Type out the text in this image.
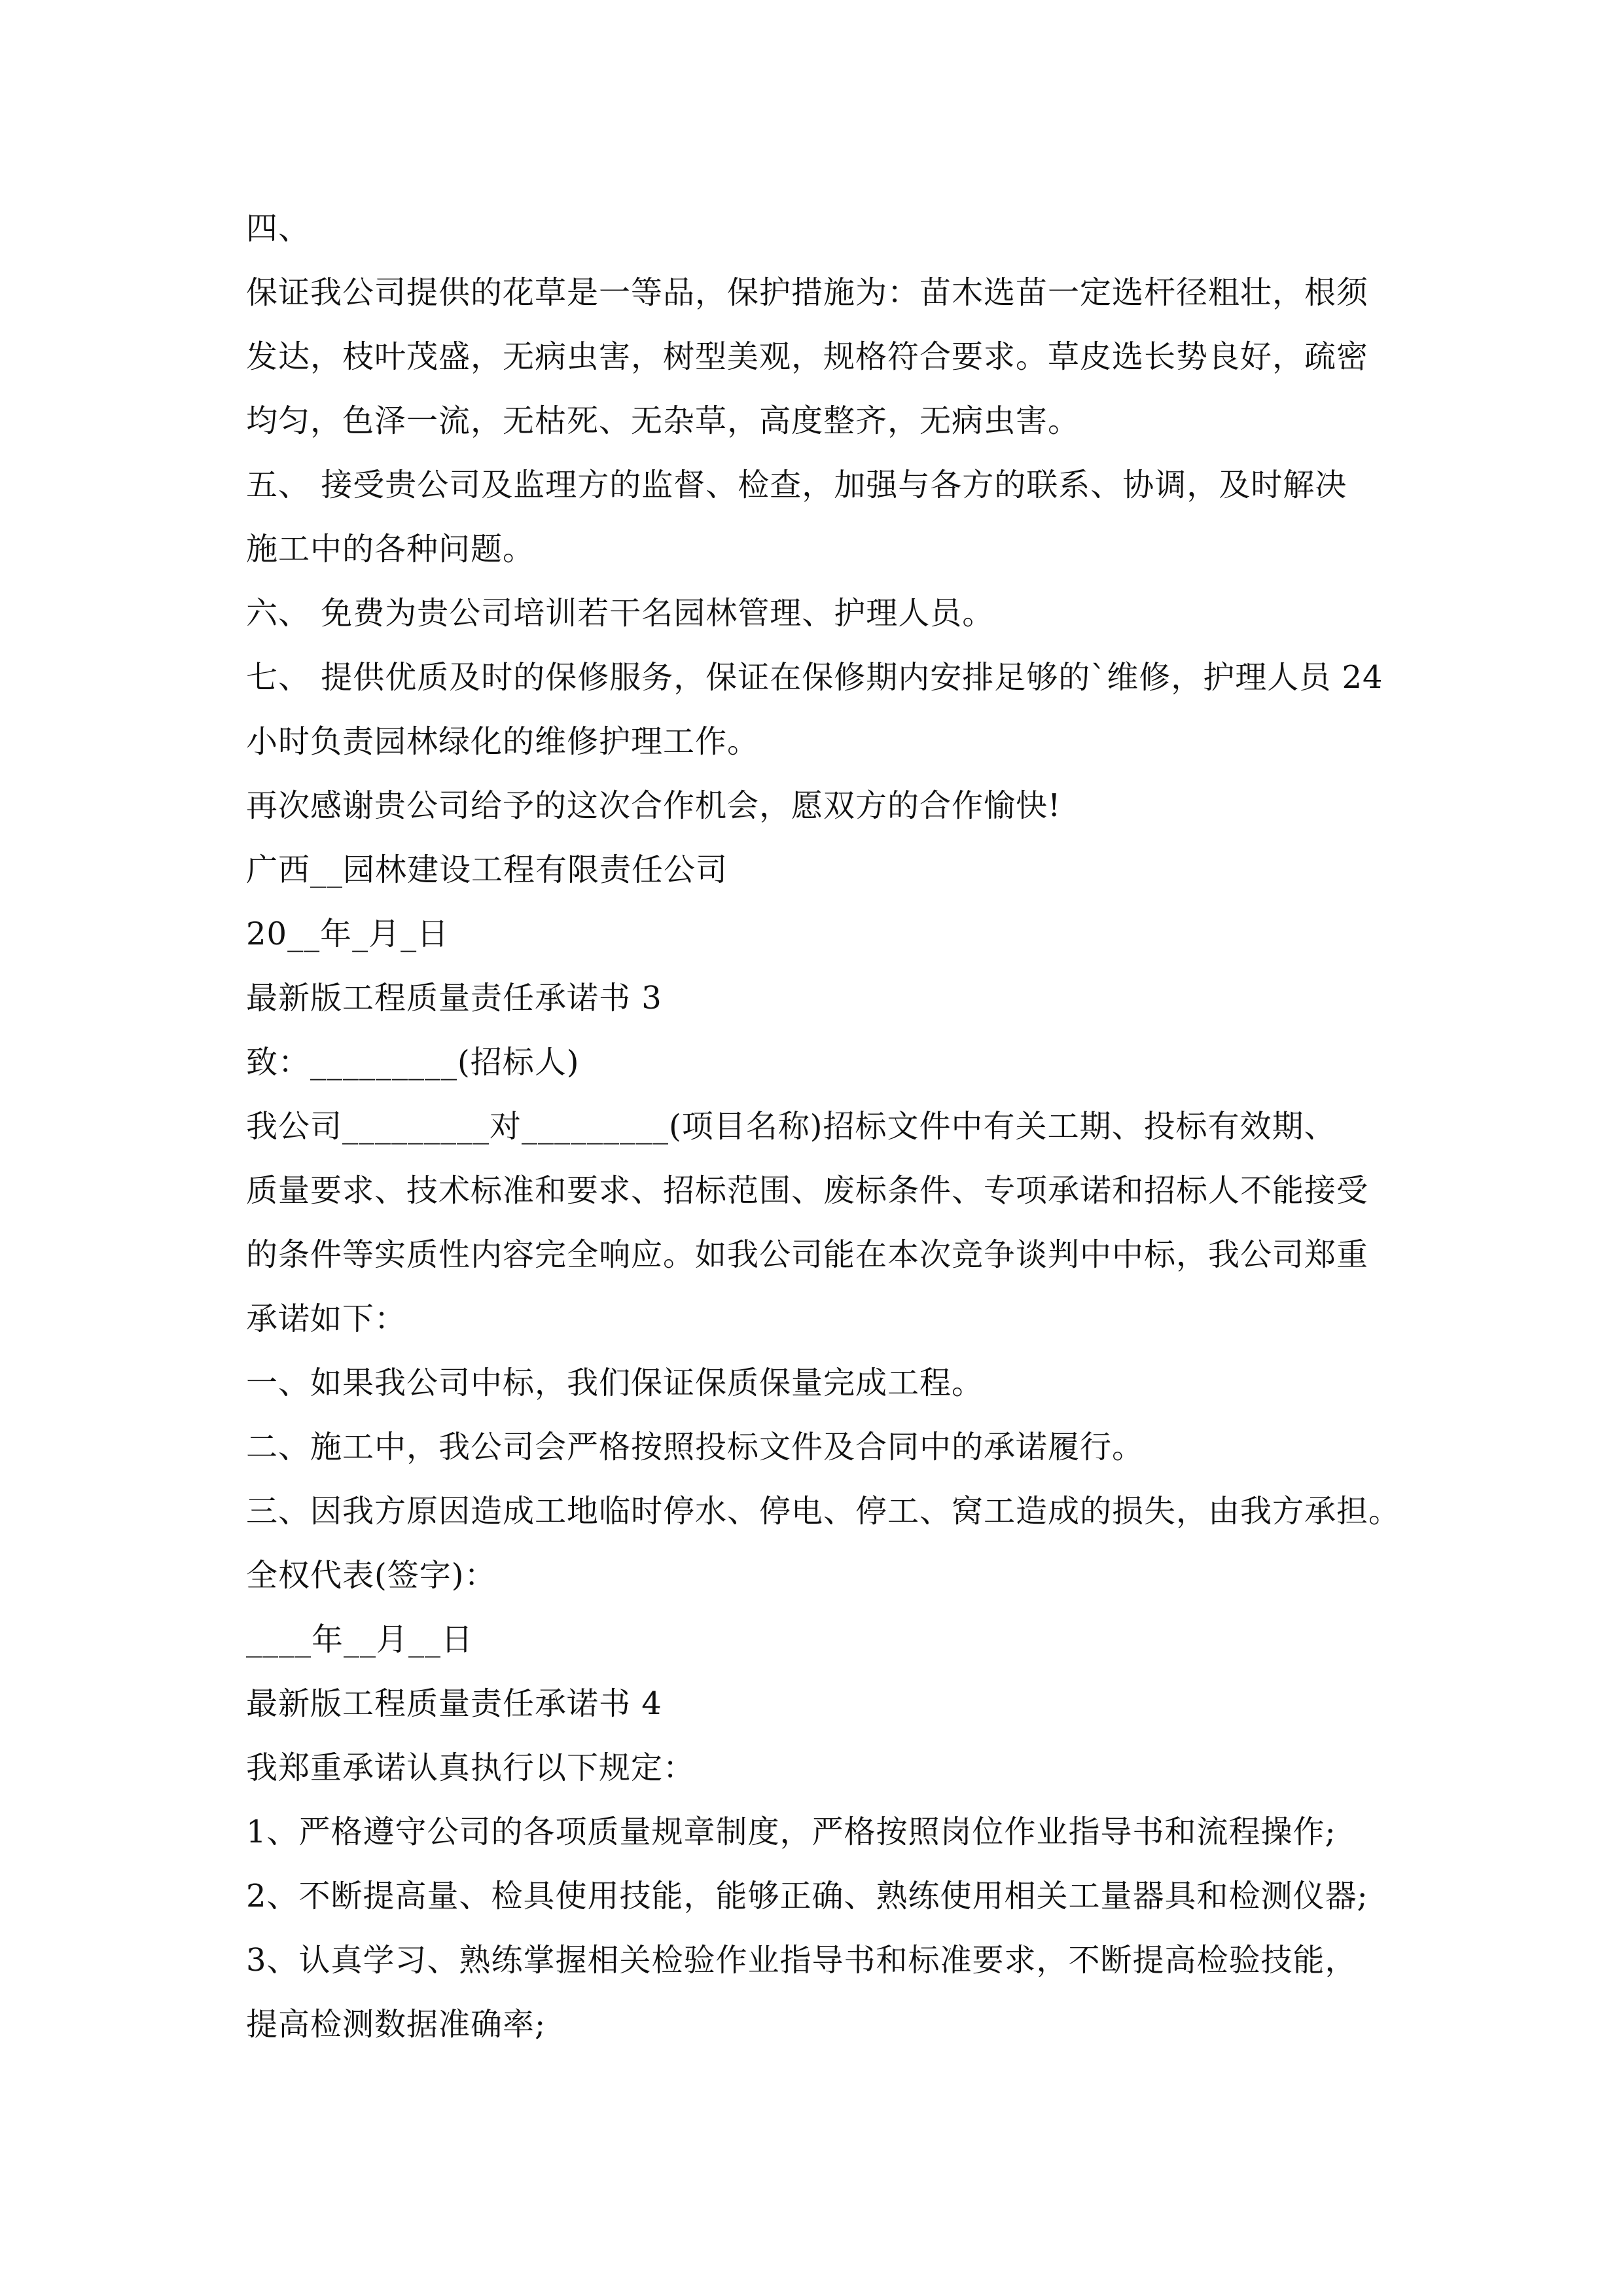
四、
保证我公司提供的花草是一等品，保护措施为：苗木选苗一定选杆径粗壮，根须
发达，枝叶茂盛，无病虫害，树型美观，规格符合要求。草皮选长势良好，疏密
均匀，色泽一流，无枯死、无杂草，高度整齐，无病虫害。
五、 接受贵公司及监理方的监督、检查，加强与各方的联系、协调，及时解决
施工中的各种问题。
六、 免费为贵公司培训若干名园林管理、护理人员。
七、 提供优质及时的保修服务，保证在保修期内安排足够的`维修，护理人员 24
小时负责园林绿化的维修护理工作。
再次感谢贵公司给予的这次合作机会，愿双方的合作愉快!
广西__园林建设工程有限责任公司
20__年_月_日
最新版工程质量责任承诺书 3
致：_________(招标人)
我公司_________对_________(项目名称)招标文件中有关工期、投标有效期、
质量要求、技术标准和要求、招标范围、废标条件、专项承诺和招标人不能接受
的条件等实质性内容完全响应。如我公司能在本次竞争谈判中中标，我公司郑重
承诺如下：
一、如果我公司中标，我们保证保质保量完成工程。
二、施工中，我公司会严格按照投标文件及合同中的承诺履行。
三、因我方原因造成工地临时停水、停电、停工、窝工造成的损失，由我方承担。
全权代表(签字)：
____年__月__日
最新版工程质量责任承诺书 4
我郑重承诺认真执行以下规定：
1、严格遵守公司的各项质量规章制度，严格按照岗位作业指导书和流程操作;
2、不断提高量、检具使用技能，能够正确、熟练使用相关工量器具和检测仪器;
3、认真学习、熟练掌握相关检验作业指导书和标准要求，不断提高检验技能，
提高检测数据准确率;
